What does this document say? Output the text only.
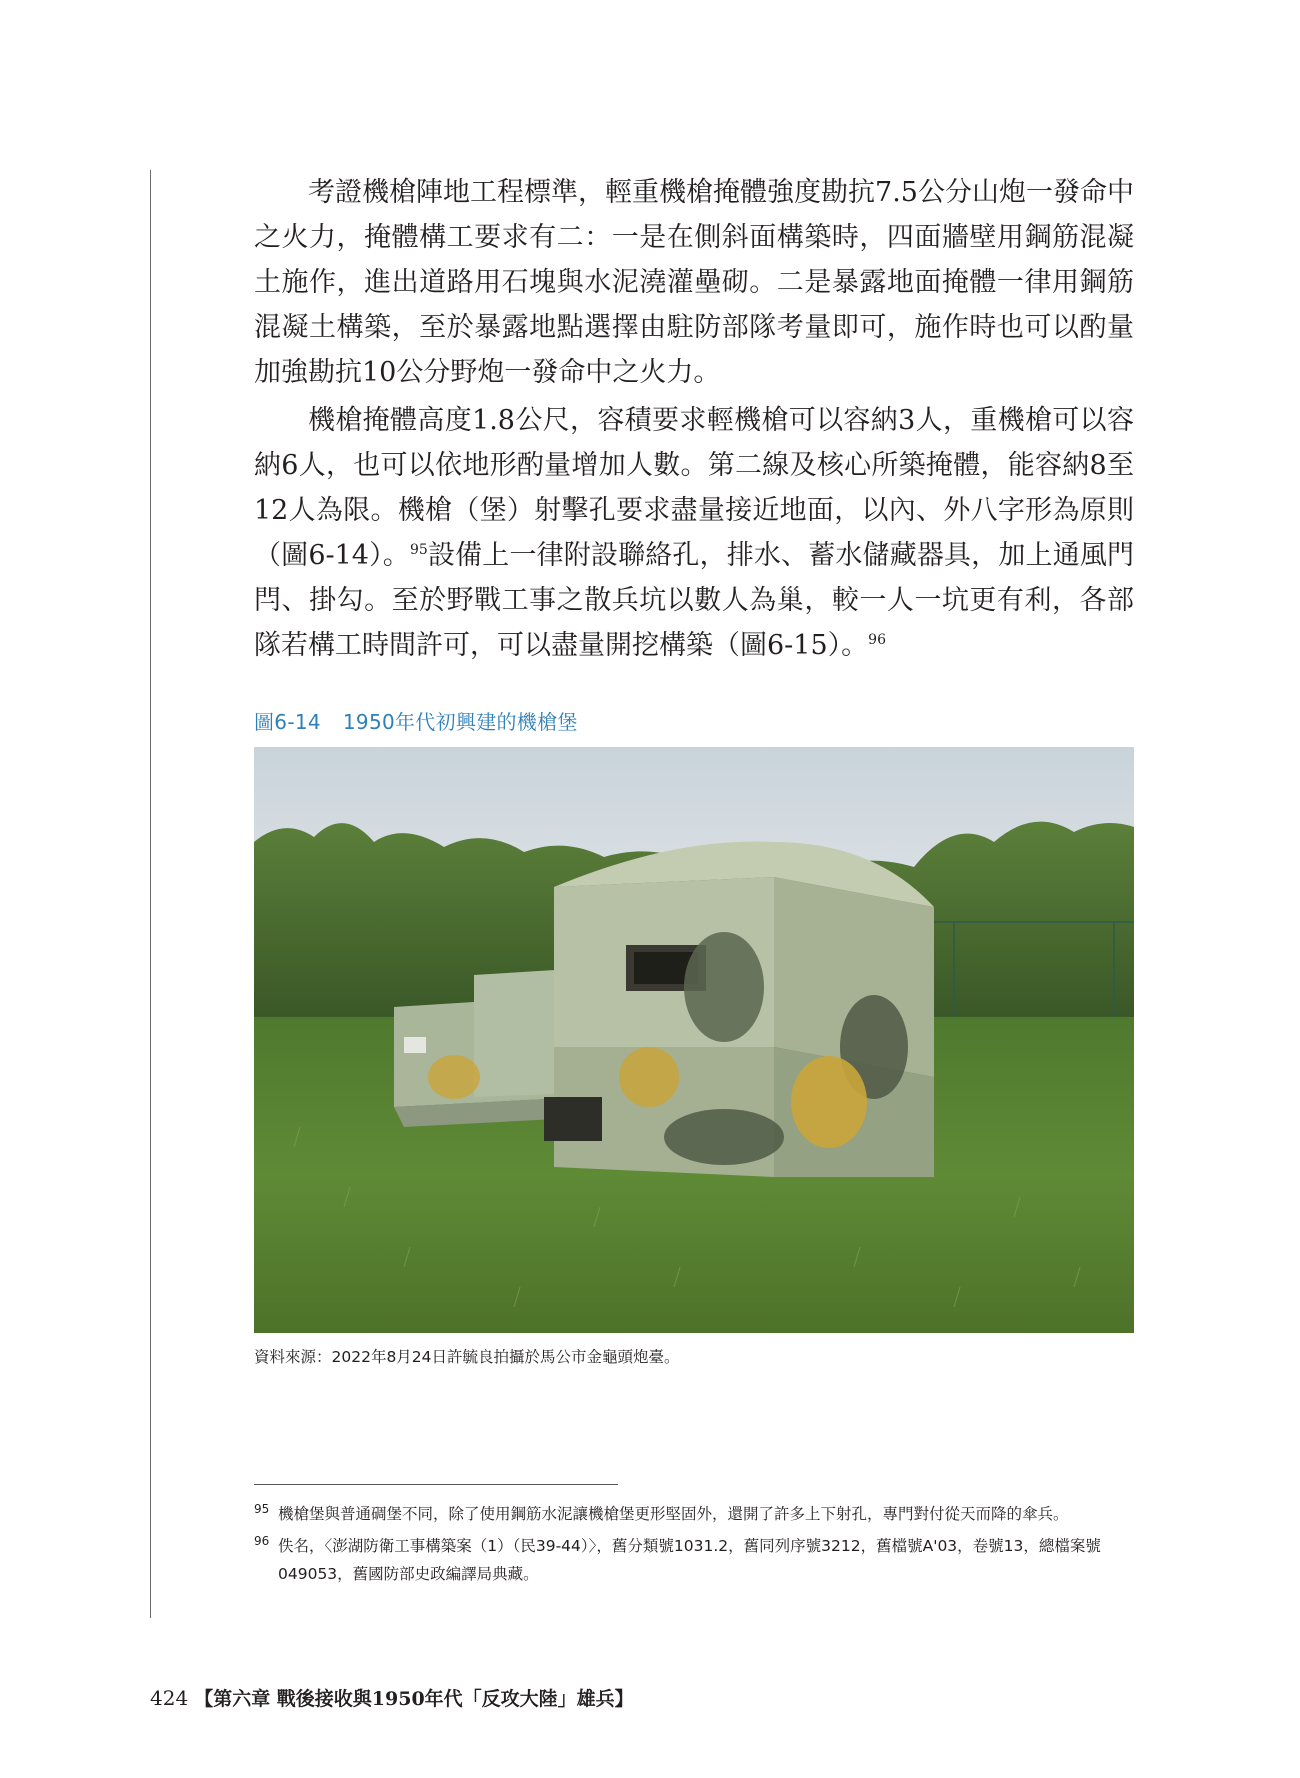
考證機槍陣地工程標準，輕重機槍掩體強度勘抗7.5公分山炮一發命中之火力，掩體構工要求有二：一是在側斜面構築時，四面牆壁用鋼筋混凝土施作，進出道路用石塊與水泥澆灌壘砌。二是暴露地面掩體一律用鋼筋混凝土構築，至於暴露地點選擇由駐防部隊考量即可，施作時也可以酌量加強勘抗10公分野炮一發命中之火力。

機槍掩體高度1.8公尺，容積要求輕機槍可以容納3人，重機槍可以容納6人，也可以依地形酌量增加人數。第二線及核心所築掩體，能容納8至12人為限。機槍（堡）射擊孔要求盡量接近地面，以內、外八字形為原則（圖6-14）。$^{95}$設備上一律附設聯絡孔，排水、蓄水儲藏器具，加上通風門閂、掛勾。至於野戰工事之散兵坑以數人為巢，較一人一坑更有利，各部隊若構工時間許可，可以盡量開挖構築（圖6-15）。$^{96}$

圖6-14 1950年代初興建的機槍堡
資料來源：2022年8月24日許毓良拍攝於馬公市金龜頭炮臺。
95 機槍堡與普通碉堡不同，除了使用鋼筋水泥讓機槍堡更形堅固外，還開了許多上下射孔，專門對付從天而降的傘兵。
96 佚名，〈澎湖防衛工事構築案（1）（民39-44）〉，舊分類號1031.2，舊同列序號3212，舊檔號A'03，卷號13，總檔案號049053，舊國防部史政編譯局典藏。
424 【第六章 戰後接收與1950年代「反攻大陸」雄兵】
